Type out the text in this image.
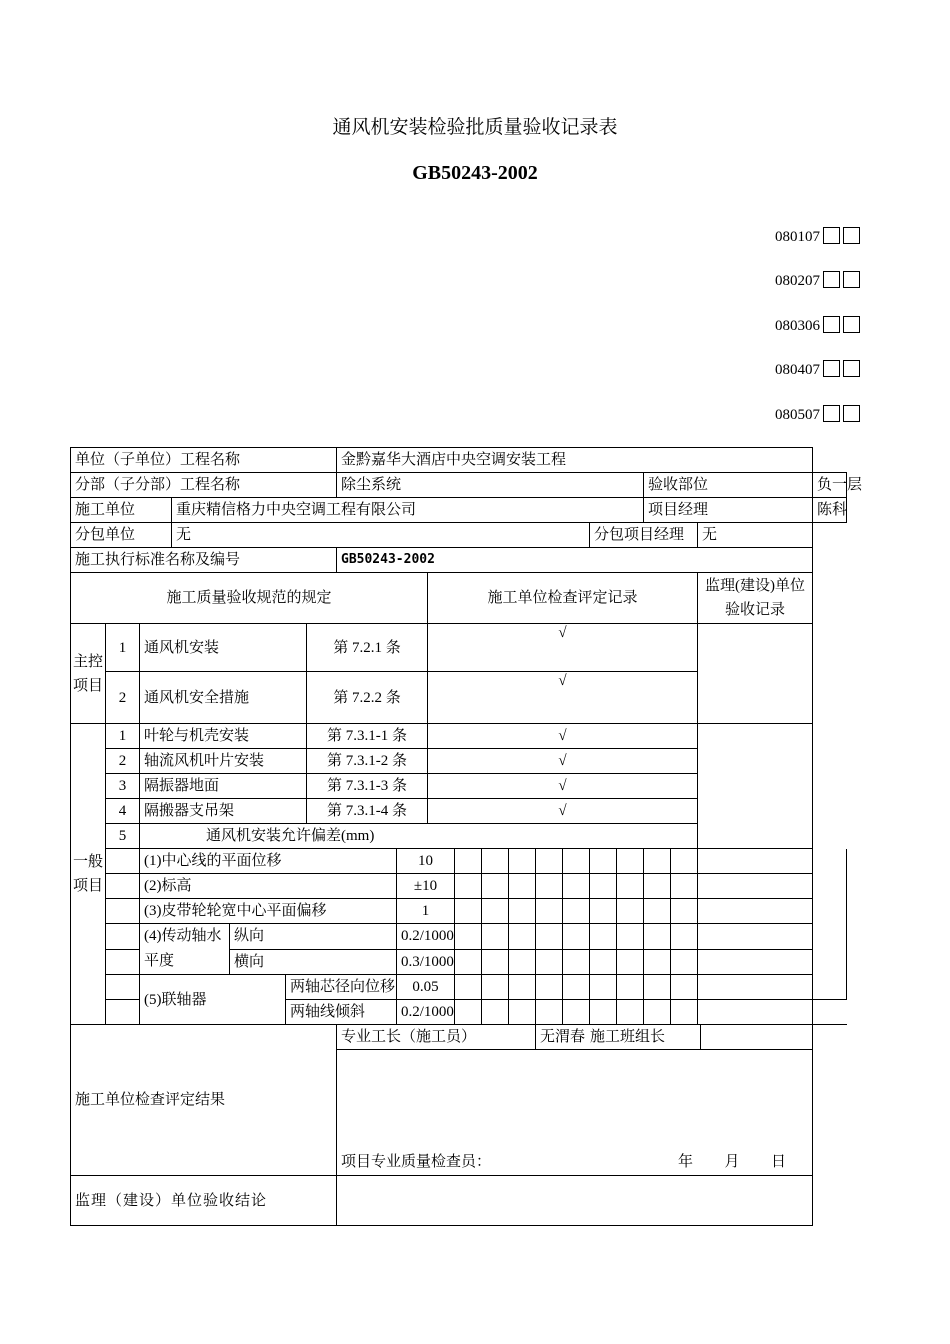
通风机安装检验批质量验收记录表
GB50243-2002
080107
080207
080306
080407
080507
单位（子单位）工程名称							金黔嘉华大酒店中央空调安装工程													
分部（子分部）工程名称							除尘系统										验收部位			负一层
施工单位			重庆精信格力中央空调工程有限公司														项目经理			陈科
分包单位			无												分包项目经理				无	
施工执行标准名称及编号							GB50243-2002													
施工质量验收规范的规定									施工单位检查评定记录										监理(建设)单位验收记录	
主控项目	1	通风机安装				第 7.2.1 条			√											
	2	通风机安全措施				第 7.2.2 条			√											
一般项目	1	叶轮与机壳安装				第 7.3.1-1 条			√											
	2	轴流风机叶片安装				第 7.3.1-2 条			√											
	3	隔振器地面				第 7.3.1-3 条			√											
	4	隔搬器支吊架				第 7.3.1-4 条			√											
	5	通风机安装允许偏差(mm)																		
		(1)中心线的平面位移						10												
		(2)标高						±10												
		(3)皮带轮轮宽中心平面偏移						1												
		(4)传动轴水平度		纵向				0.2/1000												
				横向				0.3/1000												
		(5)联轴器			两轴芯径向位移			0.05												
					两轴线倾斜			0.2/1000												
施工单位检查评定结果							专业工长（施工员）						无渭春						施工班组长	

							项目专业质量检查员： 年 月 日													

监理（建设）单位验收结论																				
